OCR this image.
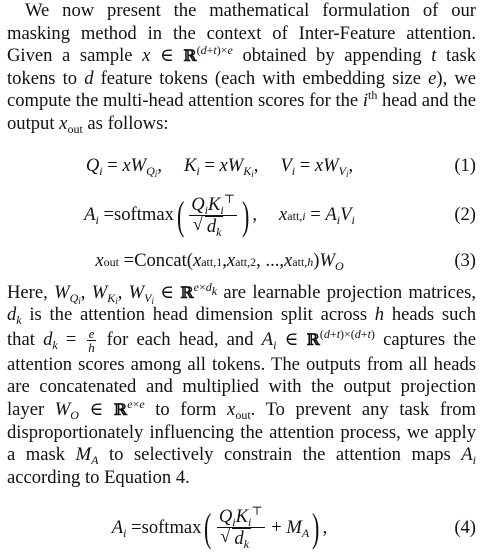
We now present the mathematical formulation of our masking method in the context of Inter-Feature attention. Given a sample x ∈ ℝ$^{(d+t)\times e}$ obtained by appending t task tokens to d feature tokens (each with embedding size e), we compute the multi-head attention scores for the $i^{th}$ head and the output $x_{out}$ as follows:

$Q_i = xW_{Q_i}$ , $K_i = xW_{K_i}$ , $V_i = xW_{V_i}$ ,	(1)
$A_i$ = softmax ( $Q_iK_i^⊤$
√ $d_k$ ) , x $att,i = A_iV_i$	(2)
x out = Concat ( x att,1 , x att,2 , ..., x att,h ) $W_O$	(3)

Here, $W_{Q_i}$, $W_{K_i}$, $W_{V_i}$ ∈ ℝ$^{e\times d_k}$ are learnable projection matrices, $d_k$ is the attention head dimension split across h heads such that $d_k = \frac{e}{h}$ for each head, and $A_i$ ∈ ℝ$^{(d+t)\times(d+t)}$ captures the attention scores among all tokens. The outputs from all heads are concatenated and multiplied with the output projection layer $W_O$ ∈ ℝ$^{e\times e}$ to form $x_{out}$. To prevent any task from disproportionately influencing the attention process, we apply a mask $M_A$ to selectively constrain the attention maps $A_i$ according to Equation 4.

$A_i$ = softmax ( $Q_iK_i^⊤$
√ $d_k + M_A$ ) ,	(4)
